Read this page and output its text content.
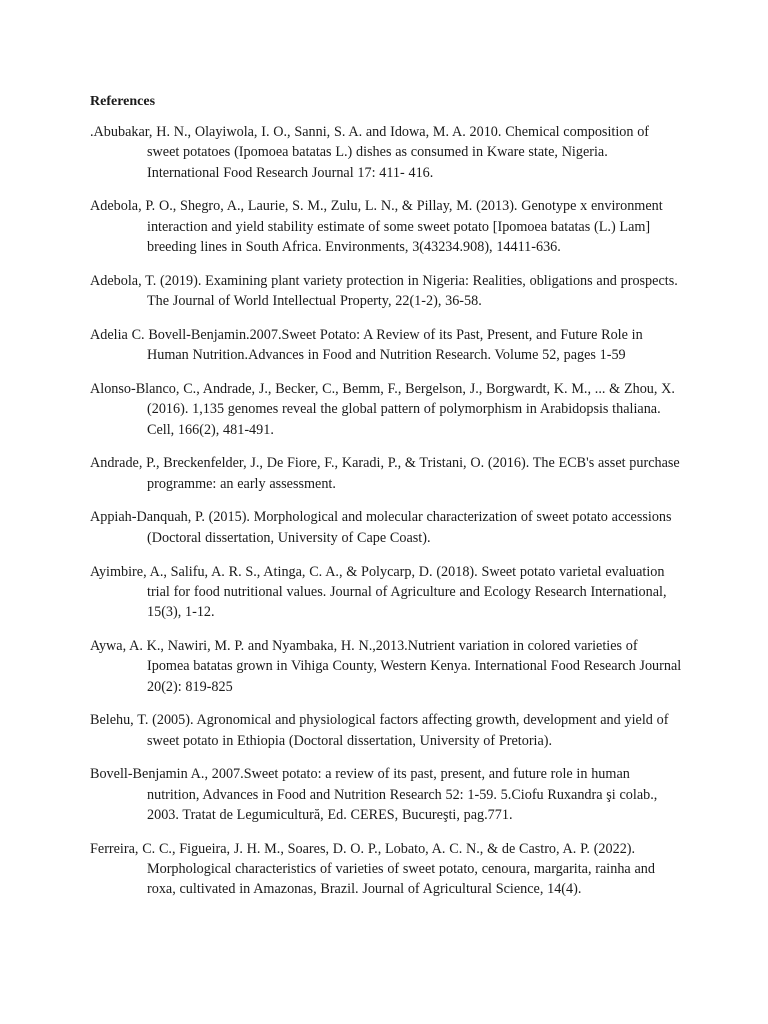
References
.Abubakar, H. N., Olayiwola, I. O., Sanni, S. A. and Idowa, M. A. 2010. Chemical composition of sweet potatoes (Ipomoea batatas L.) dishes as consumed in Kware state, Nigeria. International Food Research Journal 17: 411- 416.
Adebola, P. O., Shegro, A., Laurie, S. M., Zulu, L. N., & Pillay, M. (2013). Genotype x environment interaction and yield stability estimate of some sweet potato [Ipomoea batatas (L.) Lam] breeding lines in South Africa. Environments, 3(43234.908), 14411-636.
Adebola, T. (2019). Examining plant variety protection in Nigeria: Realities, obligations and prospects. The Journal of World Intellectual Property, 22(1-2), 36-58.
Adelia C. Bovell-Benjamin.2007.Sweet Potato: A Review of its Past, Present, and Future Role in Human Nutrition.Advances in Food and Nutrition Research. Volume 52, pages 1-59
Alonso-Blanco, C., Andrade, J., Becker, C., Bemm, F., Bergelson, J., Borgwardt, K. M., ... & Zhou, X. (2016). 1,135 genomes reveal the global pattern of polymorphism in Arabidopsis thaliana. Cell, 166(2), 481-491.
Andrade, P., Breckenfelder, J., De Fiore, F., Karadi, P., & Tristani, O. (2016). The ECB's asset purchase programme: an early assessment.
Appiah-Danquah, P. (2015). Morphological and molecular characterization of sweet potato accessions (Doctoral dissertation, University of Cape Coast).
Ayimbire, A., Salifu, A. R. S., Atinga, C. A., & Polycarp, D. (2018). Sweet potato varietal evaluation trial for food nutritional values. Journal of Agriculture and Ecology Research International, 15(3), 1-12.
Aywa, A. K., Nawiri, M. P. and Nyambaka, H. N.,2013.Nutrient variation in colored varieties of Ipomea batatas grown in Vihiga County, Western Kenya. International Food Research Journal 20(2): 819-825
Belehu, T. (2005). Agronomical and physiological factors affecting growth, development and yield of sweet potato in Ethiopia (Doctoral dissertation, University of Pretoria).
Bovell-Benjamin A., 2007.Sweet potato: a review of its past, present, and future role in human nutrition, Advances in Food and Nutrition Research 52: 1-59. 5.Ciofu Ruxandra şi colab., 2003. Tratat de Legumicultură, Ed. CERES, Bucureşti, pag.771.
Ferreira, C. C., Figueira, J. H. M., Soares, D. O. P., Lobato, A. C. N., & de Castro, A. P. (2022). Morphological characteristics of varieties of sweet potato, cenoura, margarita, rainha and roxa, cultivated in Amazonas, Brazil. Journal of Agricultural Science, 14(4).
